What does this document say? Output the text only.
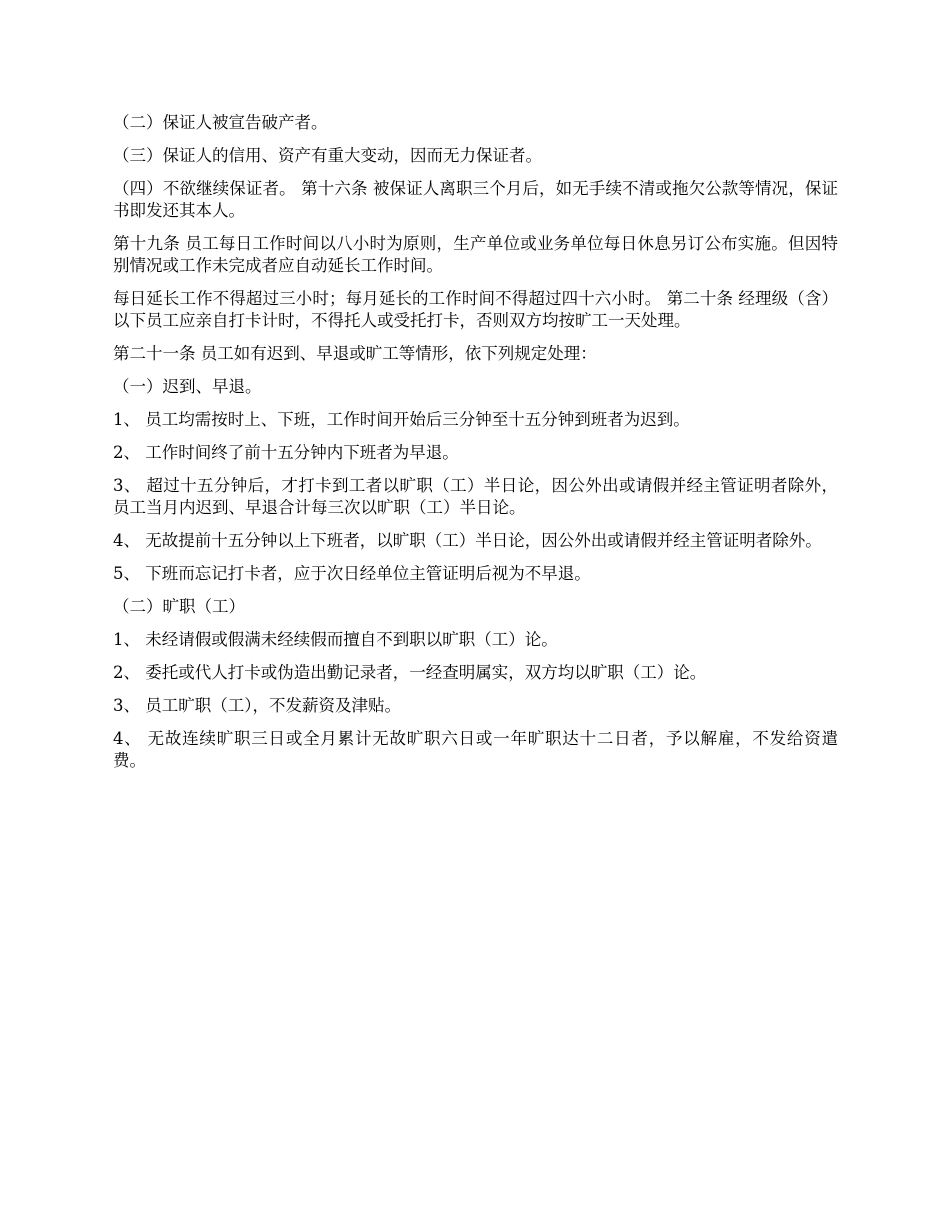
（二）保证人被宣告破产者。

（三）保证人的信用、资产有重大变动，因而无力保证者。

（四）不欲继续保证者。 第十六条 被保证人离职三个月后，如无手续不清或拖欠公款等情况，保证书即发还其本人。

第十九条 员工每日工作时间以八小时为原则，生产单位或业务单位每日休息另订公布实施。但因特别情况或工作未完成者应自动延长工作时间。

每日延长工作不得超过三小时；每月延长的工作时间不得超过四十六小时。 第二十条 经理级（含）以下员工应亲自打卡计时，不得托人或受托打卡，否则双方均按旷工一天处理。

第二十一条 员工如有迟到、早退或旷工等情形，依下列规定处理：

（一）迟到、早退。

1、 员工均需按时上、下班，工作时间开始后三分钟至十五分钟到班者为迟到。

2、 工作时间终了前十五分钟内下班者为早退。

3、 超过十五分钟后，才打卡到工者以旷职（工）半日论，因公外出或请假并经主管证明者除外，员工当月内迟到、早退合计每三次以旷职（工）半日论。

4、 无故提前十五分钟以上下班者，以旷职（工）半日论，因公外出或请假并经主管证明者除外。

5、 下班而忘记打卡者，应于次日经单位主管证明后视为不早退。

（二）旷职（工）

1、 未经请假或假满未经续假而擅自不到职以旷职（工）论。

2、 委托或代人打卡或伪造出勤记录者，一经查明属实，双方均以旷职（工）论。

3、 员工旷职（工），不发薪资及津贴。

4、 无故连续旷职三日或全月累计无故旷职六日或一年旷职达十二日者，予以解雇，不发给资遣费。
